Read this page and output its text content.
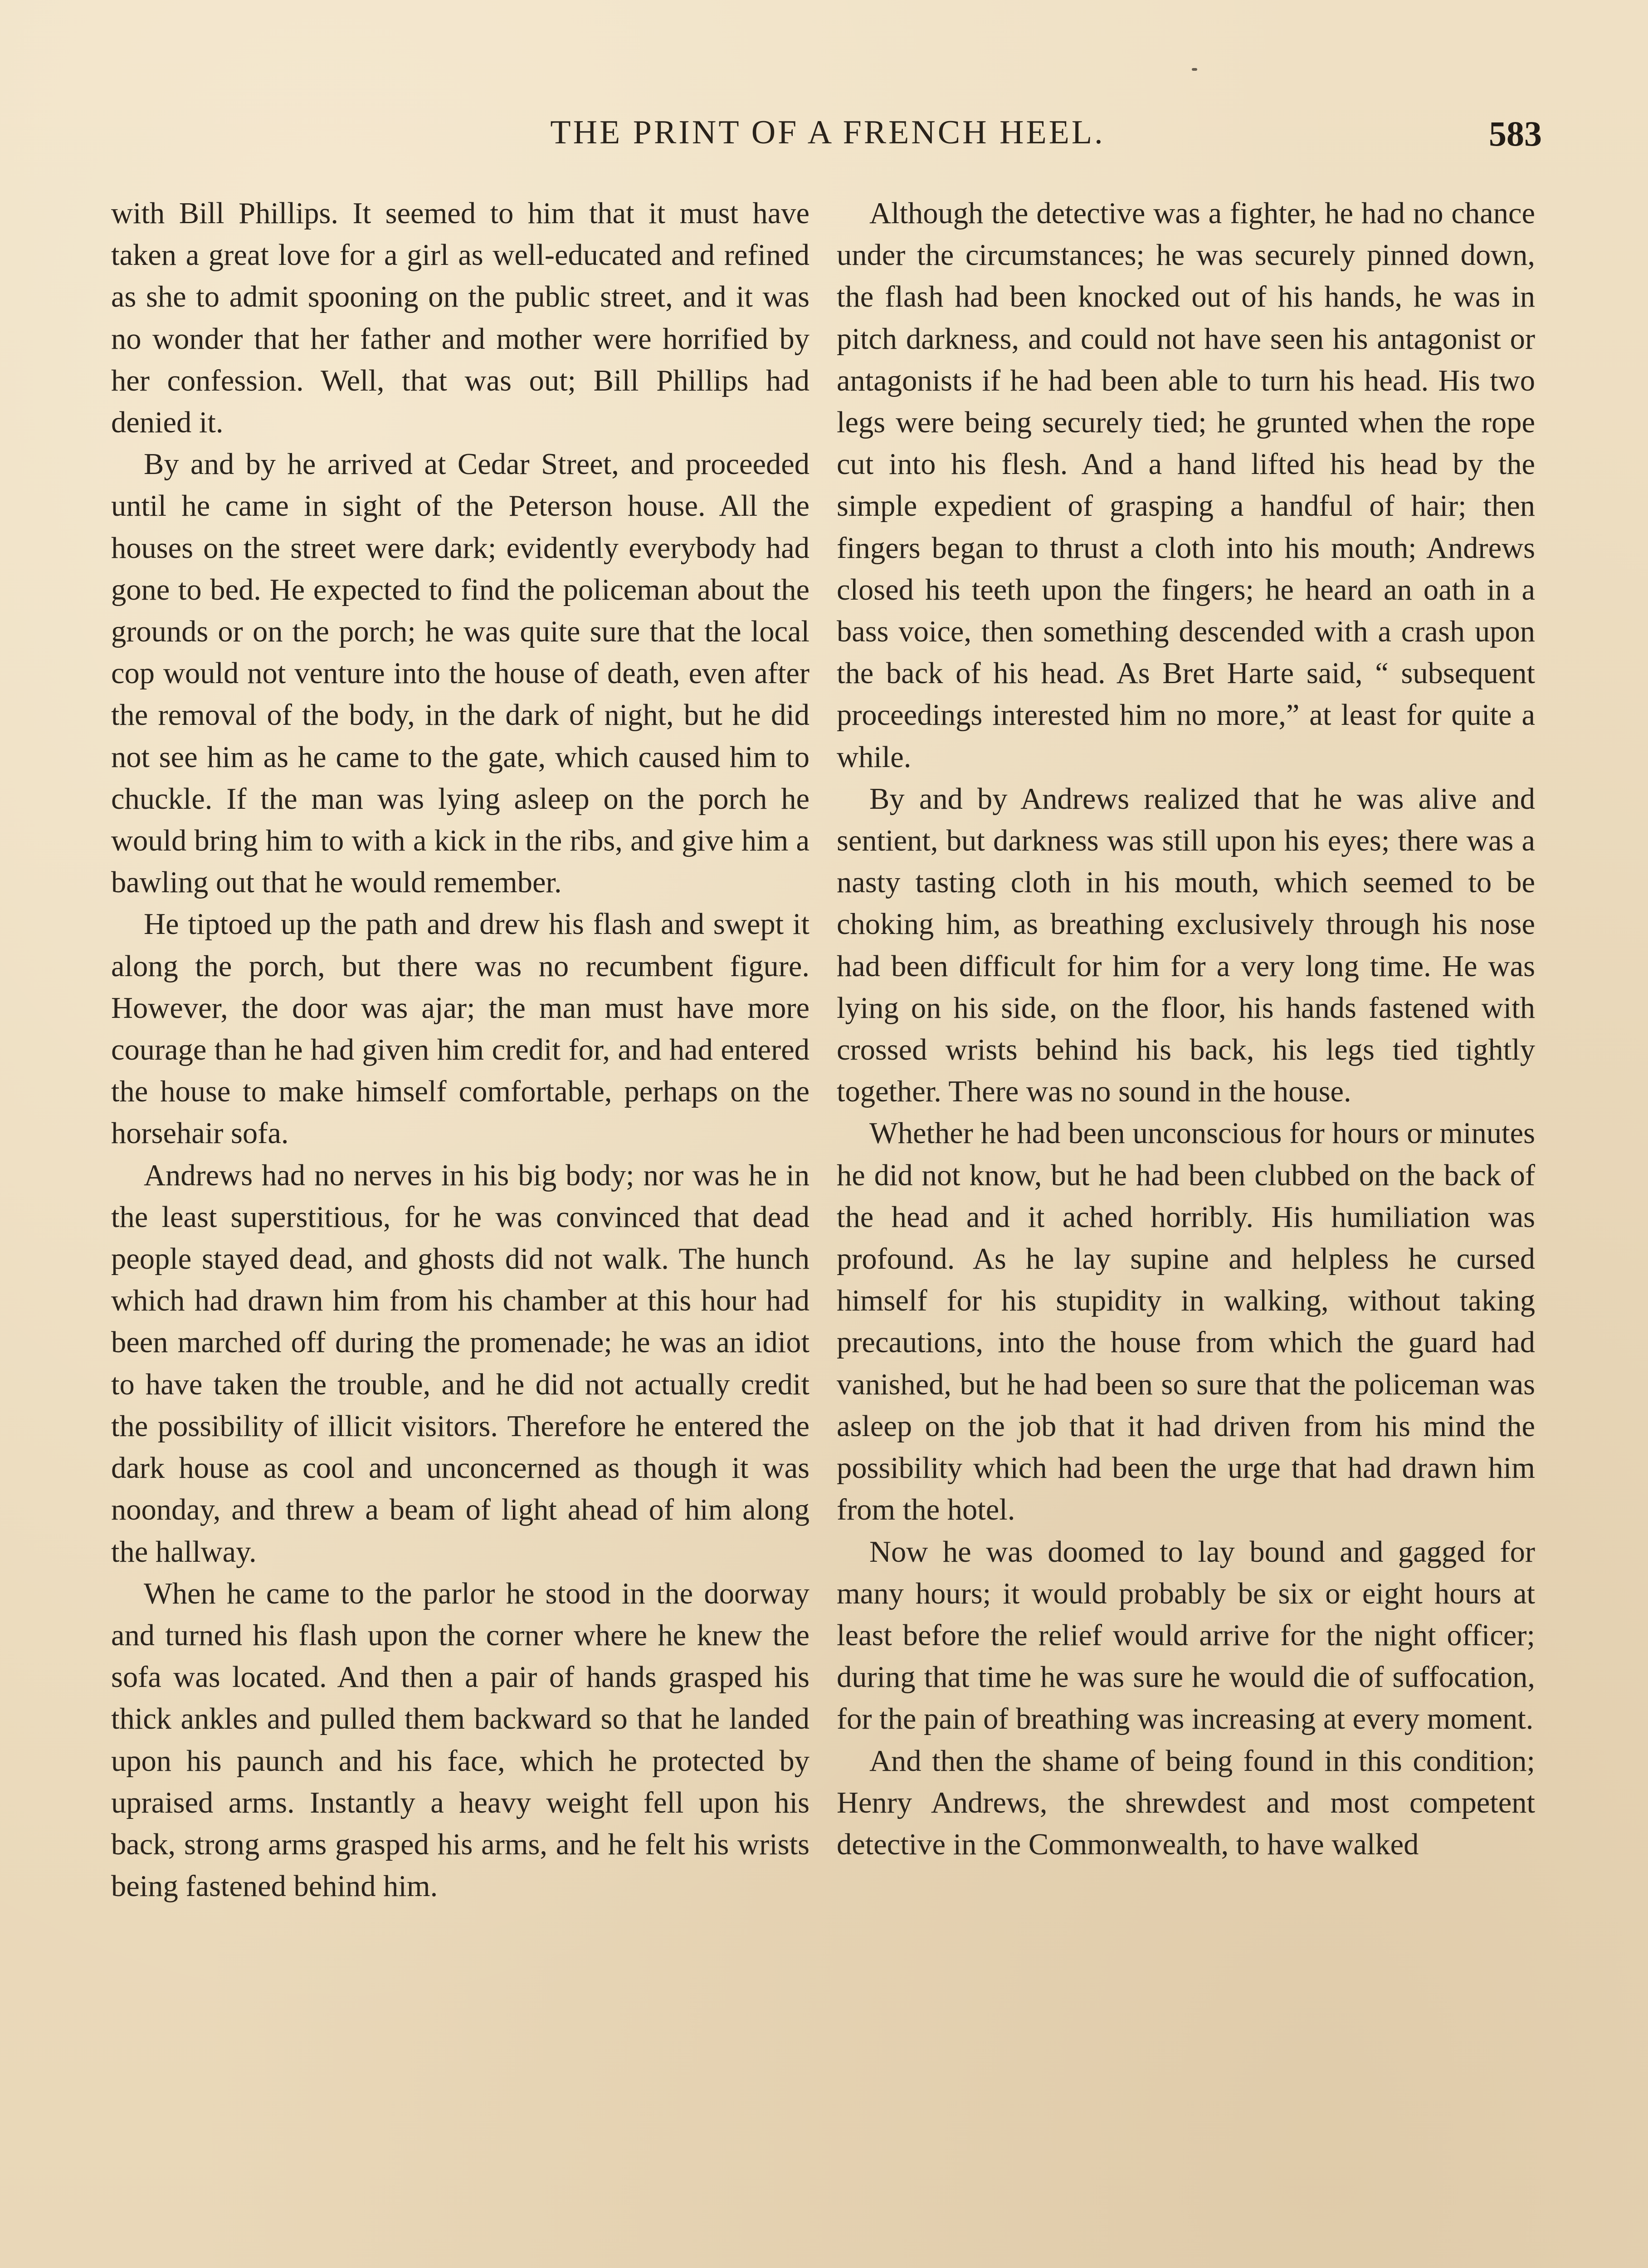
THE PRINT OF A FRENCH HEEL.	583

with Bill Phillips. It seemed to him that it must have taken a great love for a girl as well-educated and refined as she to admit spooning on the public street, and it was no wonder that her father and mother were horrified by her confession. Well, that was out; Bill Phillips had denied it.

By and by he arrived at Cedar Street, and proceeded until he came in sight of the Peterson house. All the houses on the street were dark; evidently everybody had gone to bed. He expected to find the policeman about the grounds or on the porch; he was quite sure that the local cop would not venture into the house of death, even after the removal of the body, in the dark of night, but he did not see him as he came to the gate, which caused him to chuckle. If the man was lying asleep on the porch he would bring him to with a kick in the ribs, and give him a bawling out that he would remember.

He tiptoed up the path and drew his flash and swept it along the porch, but there was no recumbent figure. However, the door was ajar; the man must have more courage than he had given him credit for, and had entered the house to make himself comfortable, perhaps on the horsehair sofa.

Andrews had no nerves in his big body; nor was he in the least superstitious, for he was convinced that dead people stayed dead, and ghosts did not walk. The hunch which had drawn him from his chamber at this hour had been marched off during the promenade; he was an idiot to have taken the trouble, and he did not actually credit the possibility of illicit visitors. Therefore he entered the dark house as cool and unconcerned as though it was noonday, and threw a beam of light ahead of him along the hallway.

When he came to the parlor he stood in the doorway and turned his flash upon the corner where he knew the sofa was located. And then a pair of hands grasped his thick ankles and pulled them backward so that he landed upon his paunch and his face, which he protected by upraised arms. Instantly a heavy weight fell upon his back, strong arms grasped his arms, and he felt his wrists being fastened behind him.

Although the detective was a fighter, he had no chance under the circumstances; he was securely pinned down, the flash had been knocked out of his hands, he was in pitch darkness, and could not have seen his antagonist or antagonists if he had been able to turn his head. His two legs were being securely tied; he grunted when the rope cut into his flesh. And a hand lifted his head by the simple expedient of grasping a handful of hair; then fingers began to thrust a cloth into his mouth; Andrews closed his teeth upon the fingers; he heard an oath in a bass voice, then something descended with a crash upon the back of his head. As Bret Harte said, “ subsequent proceedings interested him no more,” at least for quite a while.

By and by Andrews realized that he was alive and sentient, but darkness was still upon his eyes; there was a nasty tasting cloth in his mouth, which seemed to be choking him, as breathing exclusively through his nose had been difficult for him for a very long time. He was lying on his side, on the floor, his hands fastened with crossed wrists behind his back, his legs tied tightly together. There was no sound in the house.

Whether he had been unconscious for hours or minutes he did not know, but he had been clubbed on the back of the head and it ached horribly. His humiliation was profound. As he lay supine and helpless he cursed himself for his stupidity in walking, without taking precautions, into the house from which the guard had vanished, but he had been so sure that the policeman was asleep on the job that it had driven from his mind the possibility which had been the urge that had drawn him from the hotel.

Now he was doomed to lay bound and gagged for many hours; it would probably be six or eight hours at least before the relief would arrive for the night officer; during that time he was sure he would die of suffocation, for the pain of breathing was increasing at every moment.

And then the shame of being found in this condition; Henry Andrews, the shrewdest and most competent detective in the Commonwealth, to have walked
